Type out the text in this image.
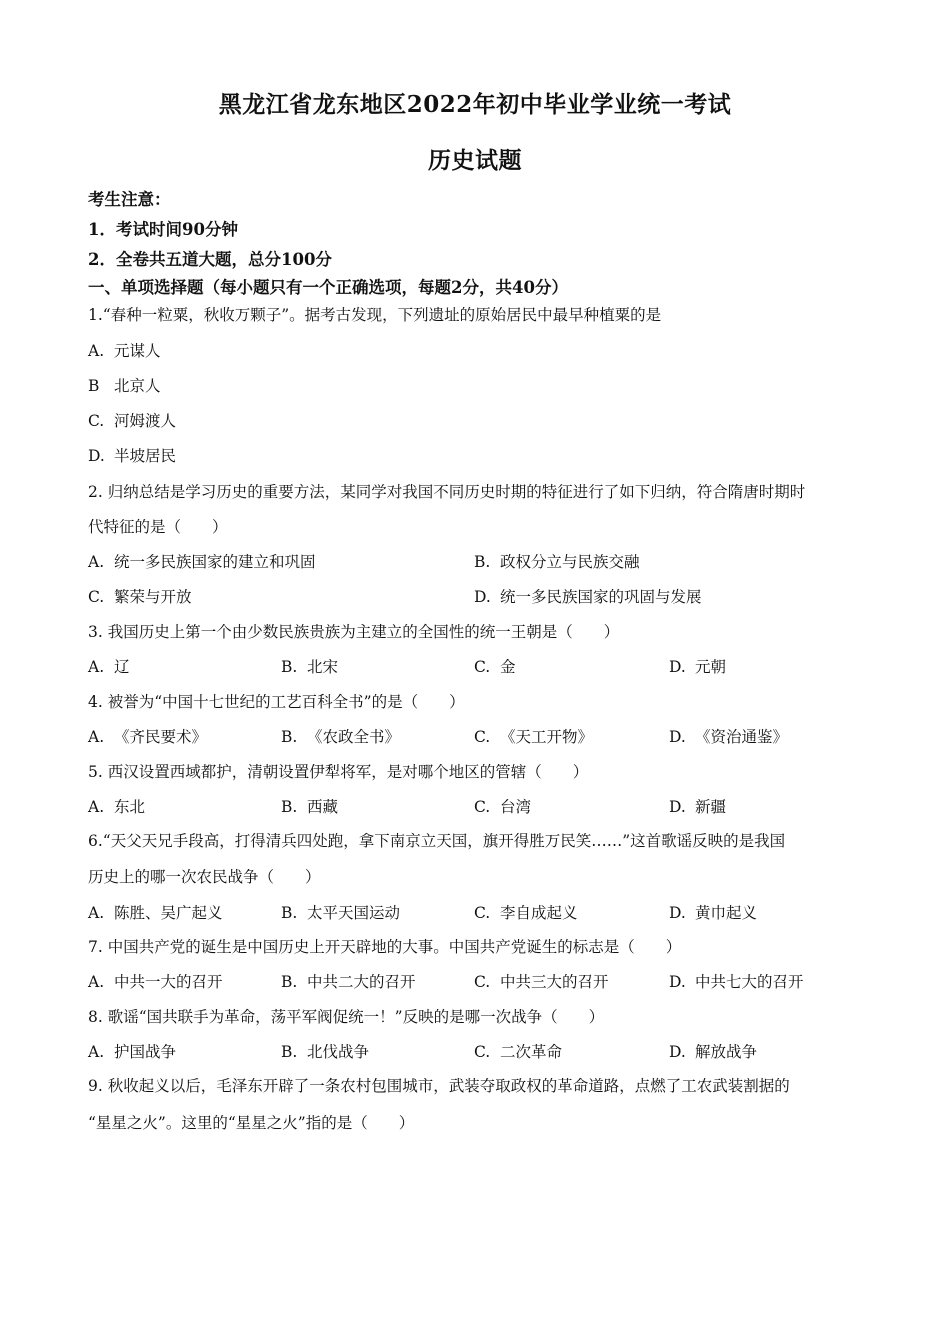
黑龙江省龙东地区2022年初中毕业学业统一考试
历史试题
考生注意：
1．考试时间90分钟
2．全卷共五道大题，总分100分
一、单项选择题（每小题只有一个正确选项，每题2分，共40分）
1.“春种一粒粟，秋收万颗子”。据考古发现，下列遗址的原始居民中最早种植粟的是
A. 元谋人
B 北京人
C. 河姆渡人
D. 半坡居民
2. 归纳总结是学习历史的重要方法，某同学对我国不同历史时期的特征进行了如下归纳，符合隋唐时期时
代特征的是（　　）
A. 统一多民族国家的建立和巩固	B. 政权分立与民族交融
C. 繁荣与开放	D. 统一多民族国家的巩固与发展
3. 我国历史上第一个由少数民族贵族为主建立的全国性的统一王朝是（　　）
A. 辽	B. 北宋	C. 金	D. 元朝
4. 被誉为“中国十七世纪的工艺百科全书”的是（　　）
A. 《齐民要术》	B. 《农政全书》	C. 《天工开物》	D. 《资治通鉴》
5. 西汉设置西域都护，清朝设置伊犁将军，是对哪个地区的管辖（　　）
A. 东北	B. 西藏	C. 台湾	D. 新疆
6.“天父天兄手段高，打得清兵四处跑，拿下南京立天国，旗开得胜万民笑……”这首歌谣反映的是我国
历史上的哪一次农民战争（　　）
A. 陈胜、吴广起义	B. 太平天国运动	C. 李自成起义	D. 黄巾起义
7. 中国共产党的诞生是中国历史上开天辟地的大事。中国共产党诞生的标志是（　　）
A. 中共一大的召开	B. 中共二大的召开	C. 中共三大的召开	D. 中共七大的召开
8. 歌谣“国共联手为革命，荡平军阀促统一！”反映的是哪一次战争（　　）
A. 护国战争	B. 北伐战争	C. 二次革命	D. 解放战争
9. 秋收起义以后，毛泽东开辟了一条农村包围城市，武装夺取政权的革命道路，点燃了工农武装割据的
“星星之火”。这里的“星星之火”指的是（　　）
